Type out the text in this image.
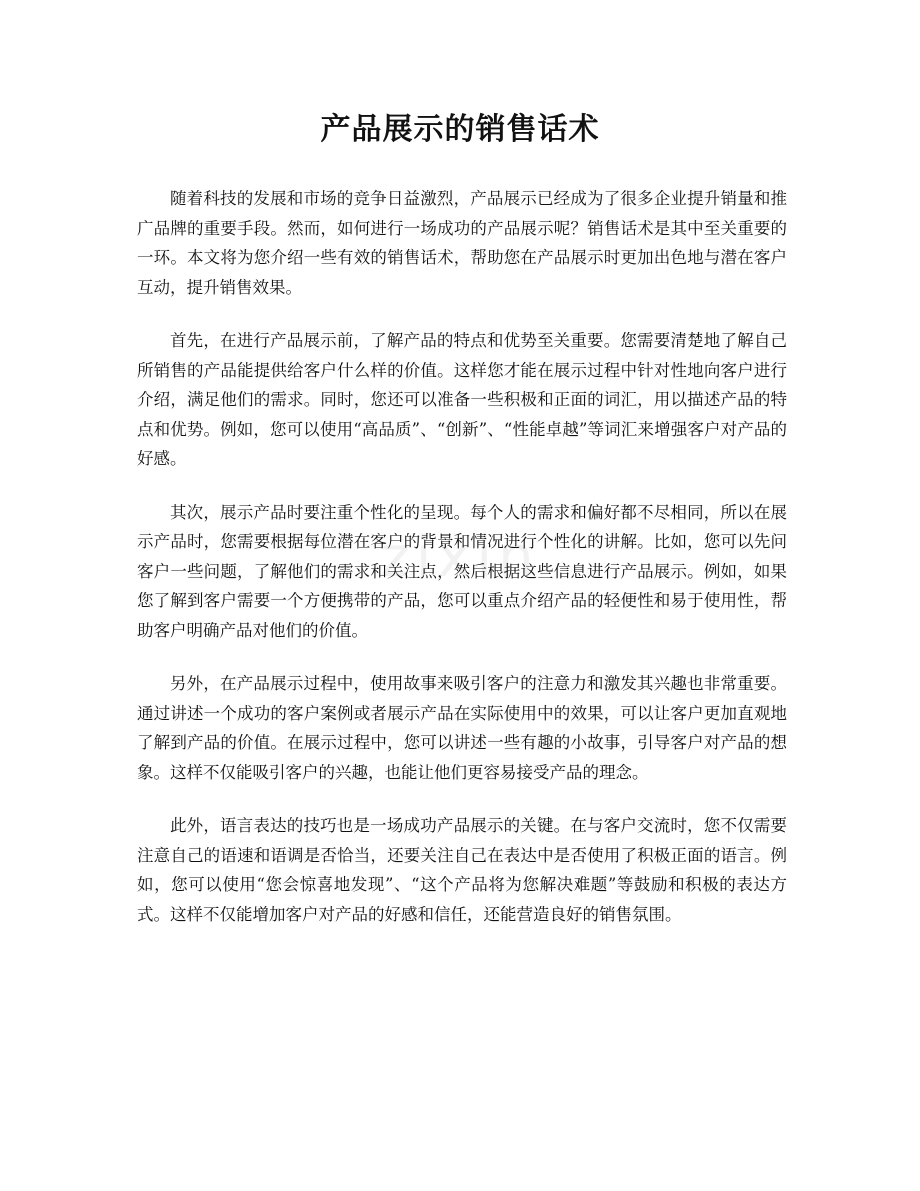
产品展示的销售话术
zixin

随着科技的发展和市场的竞争日益激烈，产品展示已经成为了很多企业提升销量和推广品牌的重要手段。然而，如何进行一场成功的产品展示呢？销售话术是其中至关重要的一环。本文将为您介绍一些有效的销售话术，帮助您在产品展示时更加出色地与潜在客户互动，提升销售效果。

首先，在进行产品展示前，了解产品的特点和优势至关重要。您需要清楚地了解自己所销售的产品能提供给客户什么样的价值。这样您才能在展示过程中针对性地向客户进行介绍，满足他们的需求。同时，您还可以准备一些积极和正面的词汇，用以描述产品的特点和优势。例如，您可以使用“高品质”、“创新”、“性能卓越”等词汇来增强客户对产品的好感。

其次，展示产品时要注重个性化的呈现。每个人的需求和偏好都不尽相同，所以在展示产品时，您需要根据每位潜在客户的背景和情况进行个性化的讲解。比如，您可以先问客户一些问题，了解他们的需求和关注点，然后根据这些信息进行产品展示。例如，如果您了解到客户需要一个方便携带的产品，您可以重点介绍产品的轻便性和易于使用性，帮助客户明确产品对他们的价值。

另外，在产品展示过程中，使用故事来吸引客户的注意力和激发其兴趣也非常重要。通过讲述一个成功的客户案例或者展示产品在实际使用中的效果，可以让客户更加直观地了解到产品的价值。在展示过程中，您可以讲述一些有趣的小故事，引导客户对产品的想象。这样不仅能吸引客户的兴趣，也能让他们更容易接受产品的理念。

此外，语言表达的技巧也是一场成功产品展示的关键。在与客户交流时，您不仅需要注意自己的语速和语调是否恰当，还要关注自己在表达中是否使用了积极正面的语言。例如，您可以使用“您会惊喜地发现”、“这个产品将为您解决难题”等鼓励和积极的表达方式。这样不仅能增加客户对产品的好感和信任，还能营造良好的销售氛围。
